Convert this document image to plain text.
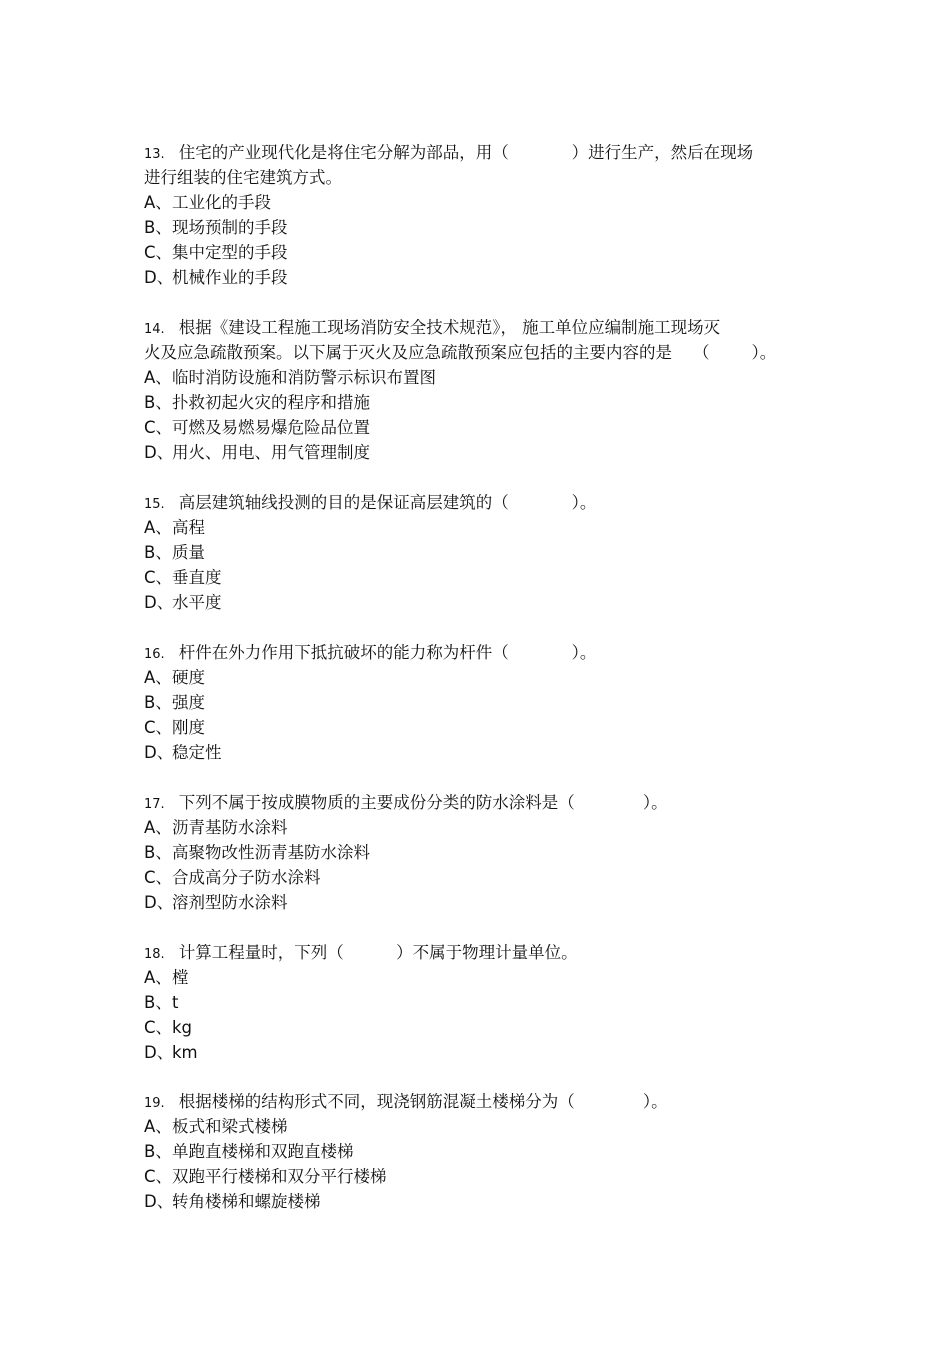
13. 住宅的产业现代化是将住宅分解为部品，用（            ）进行生产，然后在现场
进行组装的住宅建筑方式。
A、工业化的手段
B、现场预制的手段
C、集中定型的手段
D、机械作业的手段
14. 根据《建设工程施工现场消防安全技术规范》， 施工单位应编制施工现场灭
火及应急疏散预案。以下属于灭火及应急疏散预案应包括的主要内容的是    （        ）。
A、临时消防设施和消防警示标识布置图
B、扑救初起火灾的程序和措施
C、可燃及易燃易爆危险品位置
D、用火、用电、用气管理制度
15. 高层建筑轴线投测的目的是保证高层建筑的（            ）。
A、高程
B、质量
C、垂直度
D、水平度
16. 杆件在外力作用下抵抗破坏的能力称为杆件（            ）。
A、硬度
B、强度
C、刚度
D、稳定性
17. 下列不属于按成膜物质的主要成份分类的防水涂料是（             ）。
A、沥青基防水涂料
B、高聚物改性沥青基防水涂料
C、合成高分子防水涂料
D、溶剂型防水涂料
18. 计算工程量时，下列（          ）不属于物理计量单位。
A、樘
B、t
C、kg
D、km
19. 根据楼梯的结构形式不同，现浇钢筋混凝土楼梯分为（             ）。
A、板式和梁式楼梯
B、单跑直楼梯和双跑直楼梯
C、双跑平行楼梯和双分平行楼梯
D、转角楼梯和螺旋楼梯
